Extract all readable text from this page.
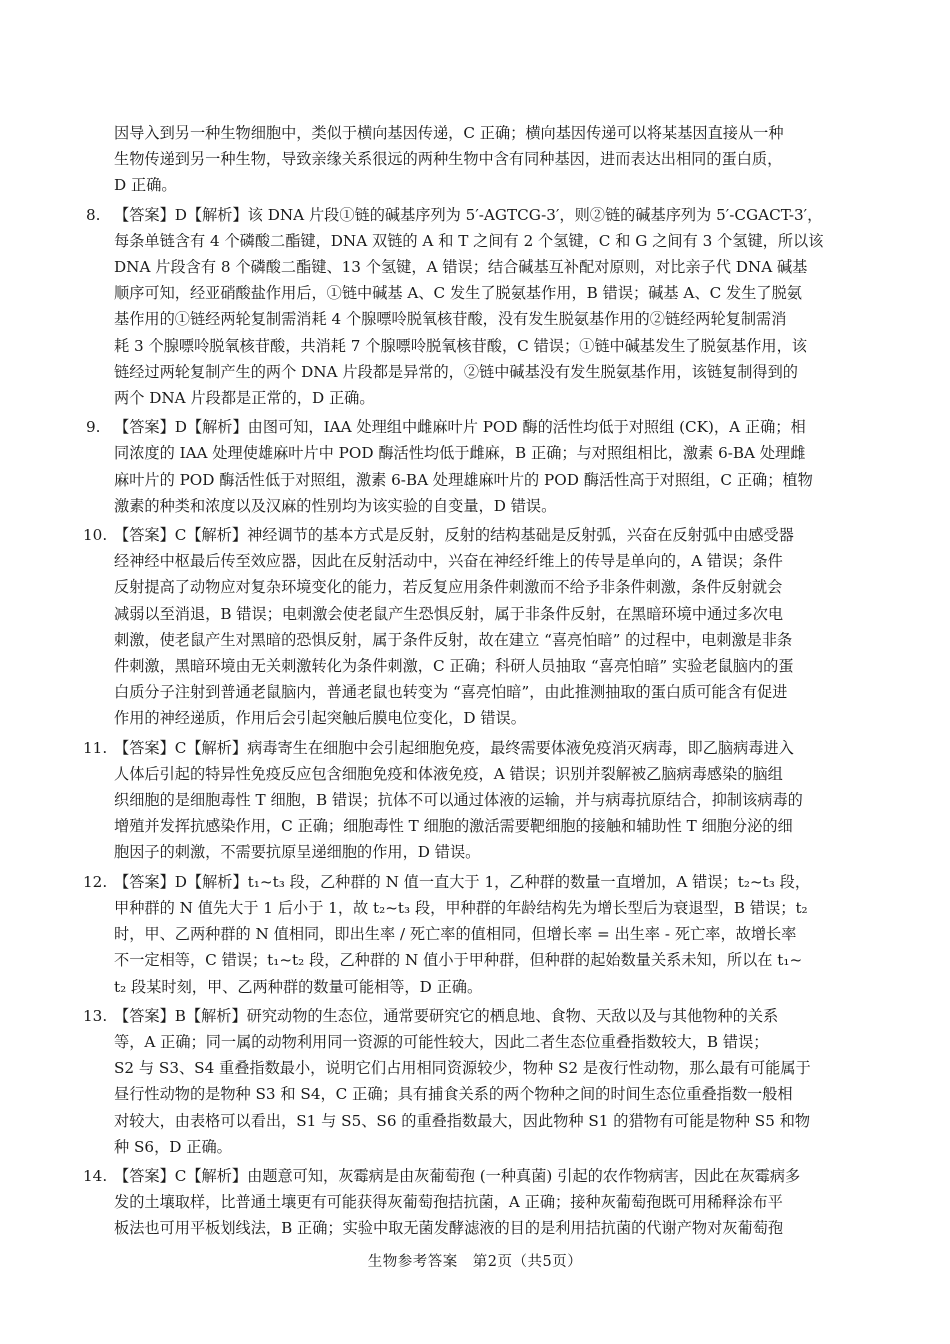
因导入到另一种生物细胞中，类似于横向基因传递，C 正确；横向基因传递可以将某基因直接从一种
生物传递到另一种生物，导致亲缘关系很远的两种生物中含有同种基因，进而表达出相同的蛋白质，
D 正确。
8. 【答案】D【解析】该 DNA 片段①链的碱基序列为 5′-AGTCG-3′，则②链的碱基序列为 5′-CGACT-3′，
每条单链含有 4 个磷酸二酯键，DNA 双链的 A 和 T 之间有 2 个氢键，C 和 G 之间有 3 个氢键，所以该
DNA 片段含有 8 个磷酸二酯键、13 个氢键，A 错误；结合碱基互补配对原则，对比亲子代 DNA 碱基
顺序可知，经亚硝酸盐作用后，①链中碱基 A、C 发生了脱氨基作用，B 错误；碱基 A、C 发生了脱氨
基作用的①链经两轮复制需消耗 4 个腺嘌呤脱氧核苷酸，没有发生脱氨基作用的②链经两轮复制需消
耗 3 个腺嘌呤脱氧核苷酸，共消耗 7 个腺嘌呤脱氧核苷酸，C 错误；①链中碱基发生了脱氨基作用，该
链经过两轮复制产生的两个 DNA 片段都是异常的，②链中碱基没有发生脱氨基作用，该链复制得到的
两个 DNA 片段都是正常的，D 正确。
9. 【答案】D【解析】由图可知，IAA 处理组中雌麻叶片 POD 酶的活性均低于对照组 (CK)，A 正确；相
同浓度的 IAA 处理使雄麻叶片中 POD 酶活性均低于雌麻，B 正确；与对照组相比，激素 6-BA 处理雌
麻叶片的 POD 酶活性低于对照组，激素 6-BA 处理雄麻叶片的 POD 酶活性高于对照组，C 正确；植物
激素的种类和浓度以及汉麻的性别均为该实验的自变量，D 错误。
10. 【答案】C【解析】神经调节的基本方式是反射，反射的结构基础是反射弧，兴奋在反射弧中由感受器
经神经中枢最后传至效应器，因此在反射活动中，兴奋在神经纤维上的传导是单向的，A 错误；条件
反射提高了动物应对复杂环境变化的能力，若反复应用条件刺激而不给予非条件刺激，条件反射就会
减弱以至消退，B 错误；电刺激会使老鼠产生恐惧反射，属于非条件反射，在黑暗环境中通过多次电
刺激，使老鼠产生对黑暗的恐惧反射，属于条件反射，故在建立 “喜亮怕暗” 的过程中，电刺激是非条
件刺激，黑暗环境由无关刺激转化为条件刺激，C 正确；科研人员抽取 “喜亮怕暗” 实验老鼠脑内的蛋
白质分子注射到普通老鼠脑内，普通老鼠也转变为 “喜亮怕暗”，由此推测抽取的蛋白质可能含有促进
作用的神经递质，作用后会引起突触后膜电位变化，D 错误。
11. 【答案】C【解析】病毒寄生在细胞中会引起细胞免疫，最终需要体液免疫消灭病毒，即乙脑病毒进入
人体后引起的特异性免疫反应包含细胞免疫和体液免疫，A 错误；识别并裂解被乙脑病毒感染的脑组
织细胞的是细胞毒性 T 细胞，B 错误；抗体不可以通过体液的运输，并与病毒抗原结合，抑制该病毒的
增殖并发挥抗感染作用，C 正确；细胞毒性 T 细胞的激活需要靶细胞的接触和辅助性 T 细胞分泌的细
胞因子的刺激，不需要抗原呈递细胞的作用，D 错误。
12. 【答案】D【解析】t₁~t₃ 段，乙种群的 N 值一直大于 1，乙种群的数量一直增加，A 错误；t₂~t₃ 段，
甲种群的 N 值先大于 1 后小于 1，故 t₂~t₃ 段，甲种群的年龄结构先为增长型后为衰退型，B 错误；t₂
时，甲、乙两种群的 N 值相同，即出生率 / 死亡率的值相同，但增长率 = 出生率 - 死亡率，故增长率
不一定相等，C 错误；t₁~t₂ 段，乙种群的 N 值小于甲种群，但种群的起始数量关系未知，所以在 t₁~
t₂ 段某时刻，甲、乙两种群的数量可能相等，D 正确。
13. 【答案】B【解析】研究动物的生态位，通常要研究它的栖息地、食物、天敌以及与其他物种的关系
等，A 正确；同一属的动物利用同一资源的可能性较大，因此二者生态位重叠指数较大，B 错误；
S2 与 S3、S4 重叠指数最小，说明它们占用相同资源较少，物种 S2 是夜行性动物，那么最有可能属于
昼行性动物的是物种 S3 和 S4，C 正确；具有捕食关系的两个物种之间的时间生态位重叠指数一般相
对较大，由表格可以看出，S1 与 S5、S6 的重叠指数最大，因此物种 S1 的猎物有可能是物种 S5 和物
种 S6，D 正确。
14. 【答案】C【解析】由题意可知，灰霉病是由灰葡萄孢 (一种真菌) 引起的农作物病害，因此在灰霉病多
发的土壤取样，比普通土壤更有可能获得灰葡萄孢拮抗菌，A 正确；接种灰葡萄孢既可用稀释涂布平
板法也可用平板划线法，B 正确；实验中取无菌发酵滤液的目的是利用拮抗菌的代谢产物对灰葡萄孢
生物参考答案　第2页（共5页）
